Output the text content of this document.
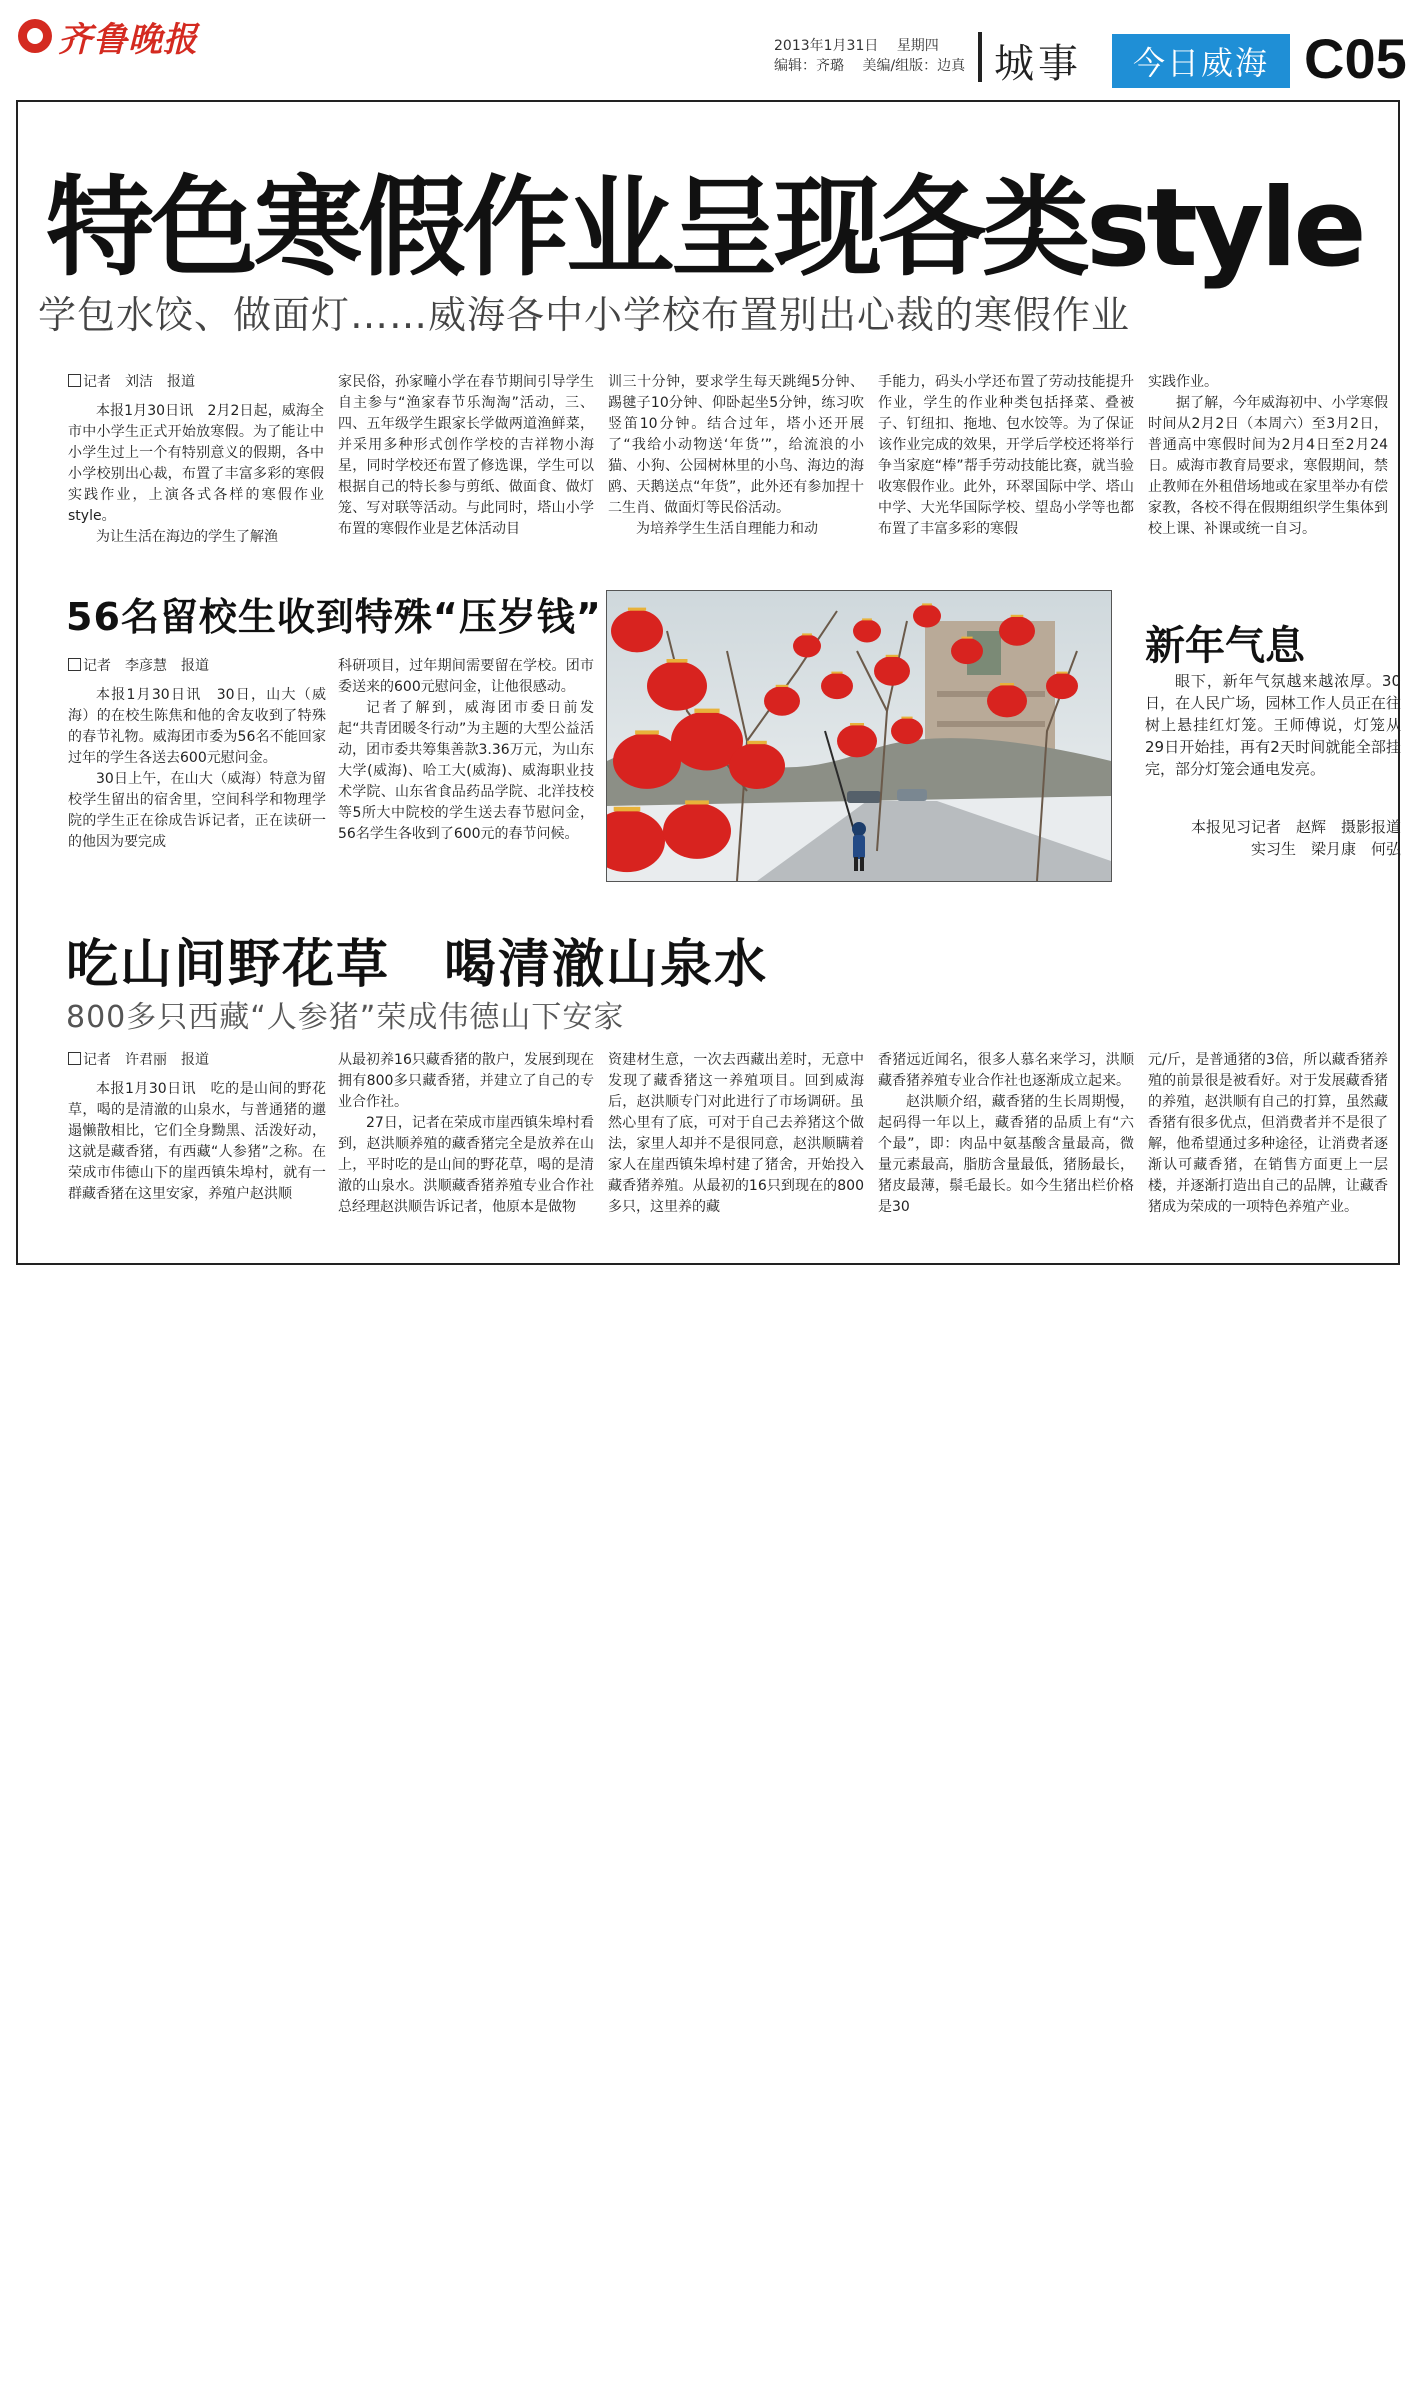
齐鲁晚报	2013年1月31日 星期四
编辑：齐璐 美编/组版：边真 城事	今日威海 C05
特色寒假作业呈现各类style
学包水饺、做面灯……威海各中小学校布置别出心裁的寒假作业

记者　刘洁　报道

本报1月30日讯　2月2日起，威海全市中小学生正式开始放寒假。为了能让中小学生过上一个有特别意义的假期，各中小学校别出心裁，布置了丰富多彩的寒假实践作业，上演各式各样的寒假作业style。

为让生活在海边的学生了解渔

家民俗，孙家疃小学在春节期间引导学生自主参与“渔家春节乐淘淘”活动，三、四、五年级学生跟家长学做两道渔鲜菜，并采用多种形式创作学校的吉祥物小海星，同时学校还布置了修选课，学生可以根据自己的特长参与剪纸、做面食、做灯笼、写对联等活动。与此同时，塔山小学布置的寒假作业是艺体活动目

训三十分钟，要求学生每天跳绳5分钟、踢毽子10分钟、仰卧起坐5分钟，练习吹竖笛10分钟。结合过年，塔小还开展了“我给小动物送‘年货’”，给流浪的小猫、小狗、公园树林里的小鸟、海边的海鸥、天鹅送点“年货”，此外还有参加捏十二生肖、做面灯等民俗活动。

为培养学生生活自理能力和动

手能力，码头小学还布置了劳动技能提升作业，学生的作业种类包括择菜、叠被子、钉纽扣、拖地、包水饺等。为了保证该作业完成的效果，开学后学校还将举行争当家庭“棒”帮手劳动技能比赛，就当验收寒假作业。此外，环翠国际中学、塔山中学、大光华国际学校、望岛小学等也都布置了丰富多彩的寒假

实践作业。

据了解，今年威海初中、小学寒假时间从2月2日（本周六）至3月2日，普通高中寒假时间为2月4日至2月24日。威海市教育局要求，寒假期间，禁止教师在外租借场地或在家里举办有偿家教，各校不得在假期组织学生集体到校上课、补课或统一自习。

56名留校生收到特殊“压岁钱”

记者　李彦慧　报道

本报1月30日讯　30日，山大（威海）的在校生陈焦和他的舍友收到了特殊的春节礼物。威海团市委为56名不能回家过年的学生各送去600元慰问金。

30日上午，在山大（威海）特意为留校学生留出的宿舍里，空间科学和物理学院的学生正在徐成告诉记者，正在读研一的他因为要完成

科研项目，过年期间需要留在学校。团市委送来的600元慰问金，让他很感动。

记者了解到，威海团市委日前发起“共青团暖冬行动”为主题的大型公益活动，团市委共筹集善款3.36万元，为山东大学(威海)、哈工大(威海)、威海职业技术学院、山东省食品药品学院、北洋技校等5所大中院校的学生送去春节慰问金，56名学生各收到了600元的春节问候。

新年气息

眼下，新年气氛越来越浓厚。30日，在人民广场，园林工作人员正在往树上悬挂红灯笼。王师傅说，灯笼从29日开始挂，再有2天时间就能全部挂完，部分灯笼会通电发亮。

本报见习记者　赵辉　摄影报道

实习生　梁月康　何弘

吃山间野花草　喝清澈山泉水
800多只西藏“人参猪”荣成伟德山下安家

记者　许君丽　报道

本报1月30日讯　吃的是山间的野花草，喝的是清澈的山泉水，与普通猪的邋遢懒散相比，它们全身黝黑、活泼好动，这就是藏香猪，有西藏“人参猪”之称。在荣成市伟德山下的崖西镇朱埠村，就有一群藏香猪在这里安家，养殖户赵洪顺

从最初养16只藏香猪的散户，发展到现在拥有800多只藏香猪，并建立了自己的专业合作社。

27日，记者在荣成市崖西镇朱埠村看到，赵洪顺养殖的藏香猪完全是放养在山上，平时吃的是山间的野花草，喝的是清澈的山泉水。洪顺藏香猪养殖专业合作社总经理赵洪顺告诉记者，他原本是做物

资建材生意，一次去西藏出差时，无意中发现了藏香猪这一养殖项目。回到威海后，赵洪顺专门对此进行了市场调研。虽然心里有了底，可对于自己去养猪这个做法，家里人却并不是很同意，赵洪顺瞒着家人在崖西镇朱埠村建了猪舍，开始投入藏香猪养殖。从最初的16只到现在的800多只，这里养的藏

香猪远近闻名，很多人慕名来学习，洪顺藏香猪养殖专业合作社也逐渐成立起来。

赵洪顺介绍，藏香猪的生长周期慢，起码得一年以上，藏香猪的品质上有“六个最”，即：肉品中氨基酸含量最高，微量元素最高，脂肪含量最低，猪肠最长，猪皮最薄，鬃毛最长。如今生猪出栏价格是30

元/斤，是普通猪的3倍，所以藏香猪养殖的前景很是被看好。对于发展藏香猪的养殖，赵洪顺有自己的打算，虽然藏香猪有很多优点，但消费者并不是很了解，他希望通过多种途径，让消费者逐渐认可藏香猪，在销售方面更上一层楼，并逐渐打造出自己的品牌，让藏香猪成为荣成的一项特色养殖产业。
